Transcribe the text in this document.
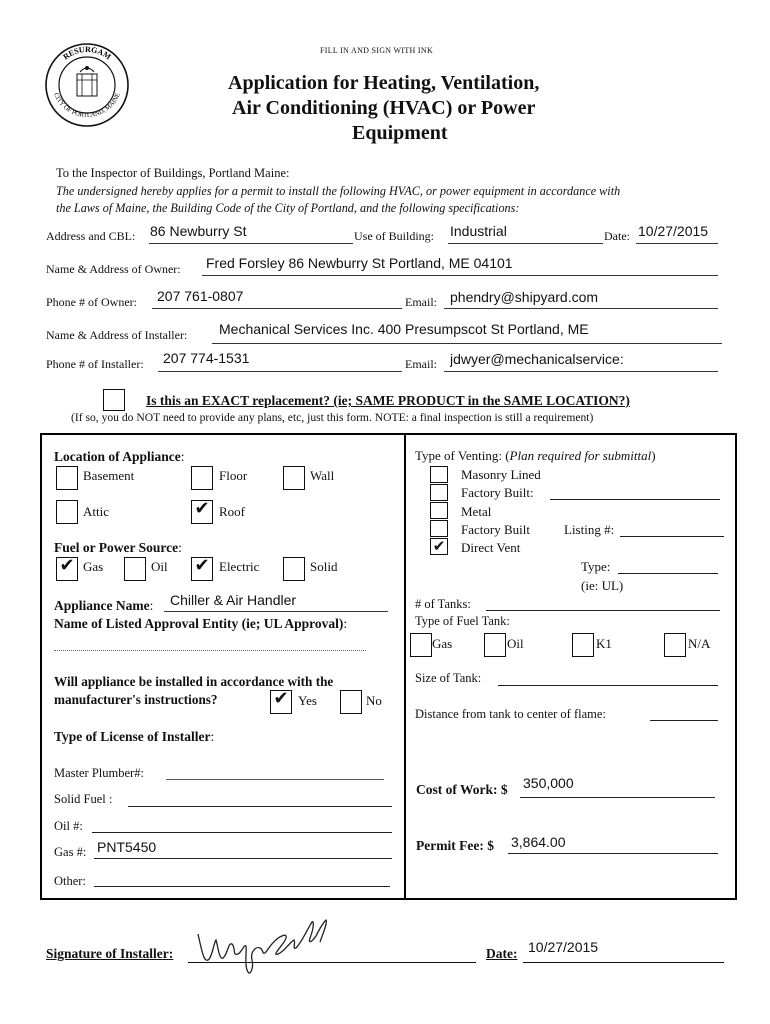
RESURGAM
CITY OF PORTLAND, MAINE
FILL IN AND SIGN WITH INK
Application for Heating, Ventilation,
Air Conditioning (HVAC) or Power
Equipment
To the Inspector of Buildings, Portland Maine:
The undersigned hereby applies for a permit to install the following HVAC, or power equipment in accordance with
the Laws of Maine, the Building Code of the City of Portland, and the following specifications:
Address and CBL: 86 Newburry St	Use of Building: Industrial	Date: 10/27/2015
Name & Address of Owner: Fred Forsley 86 Newburry St Portland, ME 04101
Phone # of Owner: 207 761-0807	Email: phendry@shipyard.com
Name & Address of Installer: Mechanical Services Inc. 400 Presumpscot St Portland, ME
Phone # of Installer: 207 774-1531	Email: jdwyer@mechanicalservice:
Is this an EXACT replacement? (ie; SAME PRODUCT in the SAME LOCATION?)
(If so, you do NOT need to provide any plans, etc, just this form. NOTE: a final inspection is still a requirement)
Location of Appliance:
Basement	Floor	Wall
Attic	✔ Roof
Fuel or Power Source:
✔ Gas	Oil ✔ Electric	Solid
Appliance Name: Chiller & Air Handler
Name of Listed Approval Entity (ie; UL Approval):
Will appliance be installed in accordance with the
manufacturer's instructions?	✔ Yes	No
Type of License of Installer:
Master Plumber#:
Solid Fuel :
Oil #:
Gas #: PNT5450
Other:
Type of Venting: (Plan required for submittal)
Masonry Lined
Factory Built:
Metal
Factory Built	Listing #:
✔ Direct Vent
Type:
(ie: UL)
# of Tanks:
Type of Fuel Tank:
Gas	Oil	K1	N/A
Size of Tank:
Distance from tank to center of flame:
Cost of Work: $ 350,000
Permit Fee: $ 3,864.00
Signature of Installer:	Date: 10/27/2015
